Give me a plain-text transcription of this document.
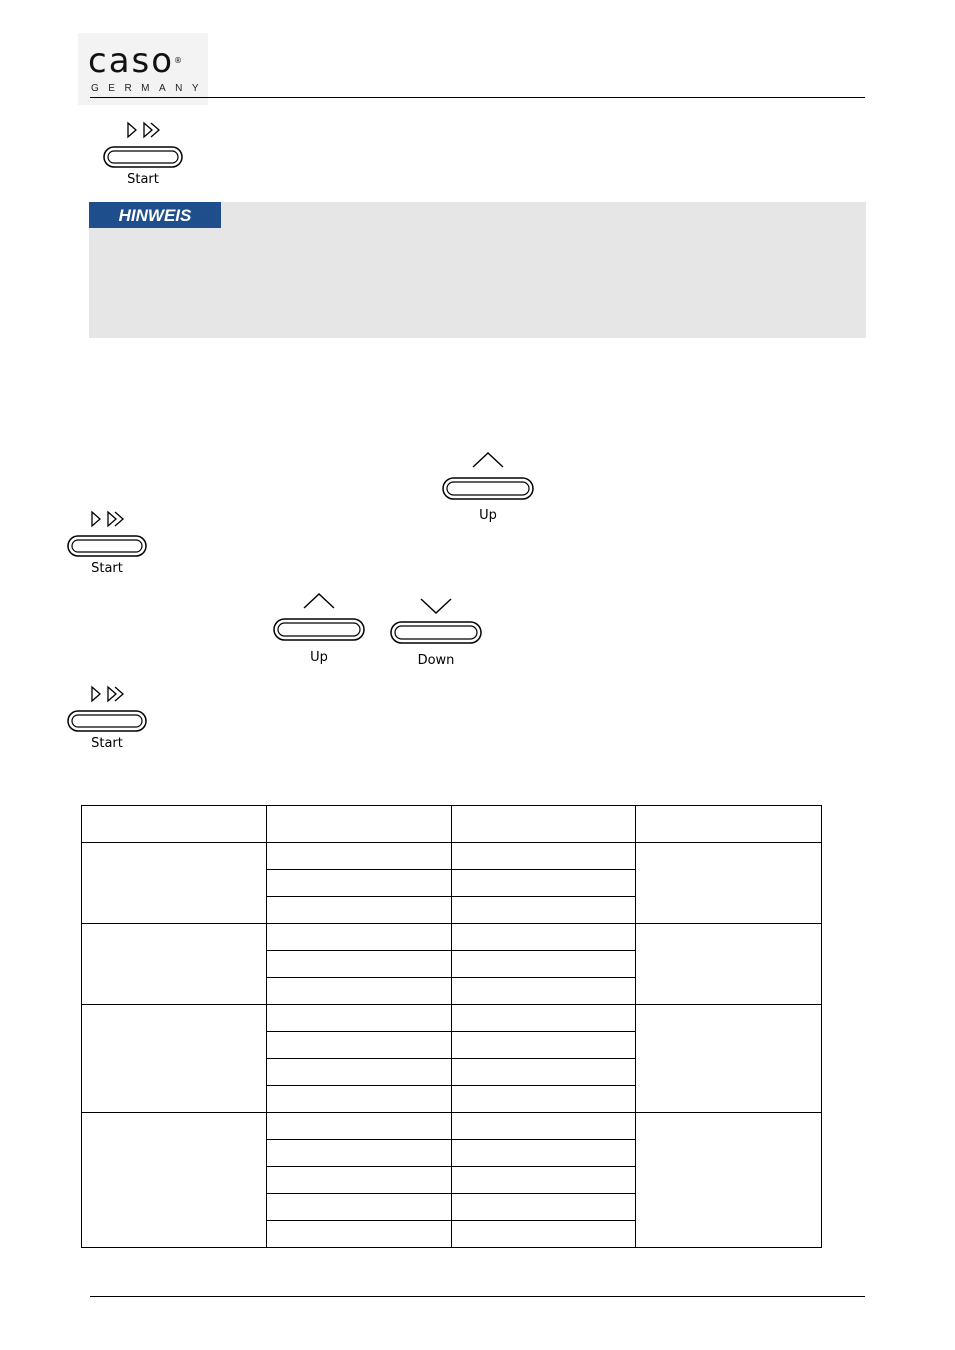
caso®
GERMANY
Start
HINWEIS
Up
Start
Up	Down
Start
